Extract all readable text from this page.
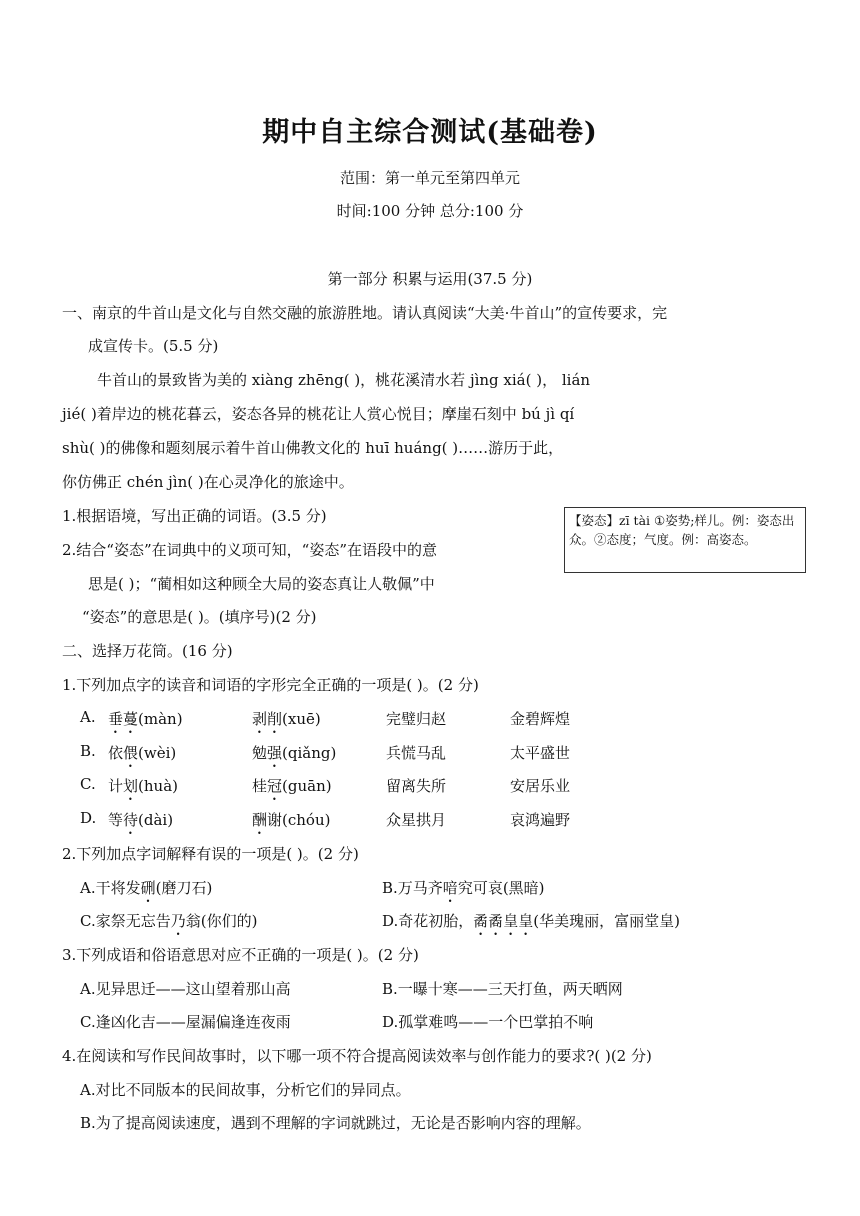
期中自主综合测试(基础卷)
范围：第一单元至第四单元
时间:100 分钟 总分:100 分
第一部分 积累与运用(37.5 分)
一、南京的牛首山是文化与自然交融的旅游胜地。请认真阅读“大美·牛首山”的宣传要求，完
成宣传卡。(5.5 分)
牛首山的景致皆为美的 xiàng zhēng( )，桃花溪清水若 jìng xiá( )， lián
jié( )着岸边的桃花暮云，姿态各异的桃花让人赏心悦目；摩崖石刻中 bú jì qí
shù( )的佛像和题刻展示着牛首山佛教文化的 huī huáng( )……游历于此，
你仿佛正 chén jìn( )在心灵净化的旅途中。
1.根据语境，写出正确的词语。(3.5 分)
2.结合“姿态”在词典中的义项可知，“姿态”在语段中的意
思是( )；“蔺相如这种顾全大局的姿态真让人敬佩”中
“姿态”的意思是( )。(填序号)(2 分)
【姿态】zī tài ①姿势;样儿。例：姿态出众。②态度；气度。例：高姿态。
二、选择万花筒。(16 分)
1.下列加点字的读音和词语的字形完全正确的一项是( )。(2 分)
A. 垂蔓(màn)	剥削(xuē)	完璧归赵	金碧辉煌
B. 依偎(wèi)	勉强(qiǎng)	兵慌马乱	太平盛世
C. 计划(huà)	桂冠(guān)	留离失所	安居乐业
D. 等待(dài)	酬谢(chóu)	众星拱月	哀鸿遍野
2.下列加点字词解释有误的一项是( )。(2 分)
A.干将发硎(磨刀石)	B.万马齐喑究可哀(黑暗)
C.家祭无忘告乃翁(你们的)	D.奇花初胎，矞矞皇皇(华美瑰丽，富丽堂皇)
3.下列成语和俗语意思对应不正确的一项是( )。(2 分)
A.见异思迁——这山望着那山高	B.一曝十寒——三天打鱼，两天晒网
C.逢凶化吉——屋漏偏逢连夜雨	D.孤掌难鸣——一个巴掌拍不响
4.在阅读和写作民间故事时，以下哪一项不符合提高阅读效率与创作能力的要求?( )(2 分)
A.对比不同版本的民间故事，分析它们的异同点。
B.为了提高阅读速度，遇到不理解的字词就跳过，无论是否影响内容的理解。
